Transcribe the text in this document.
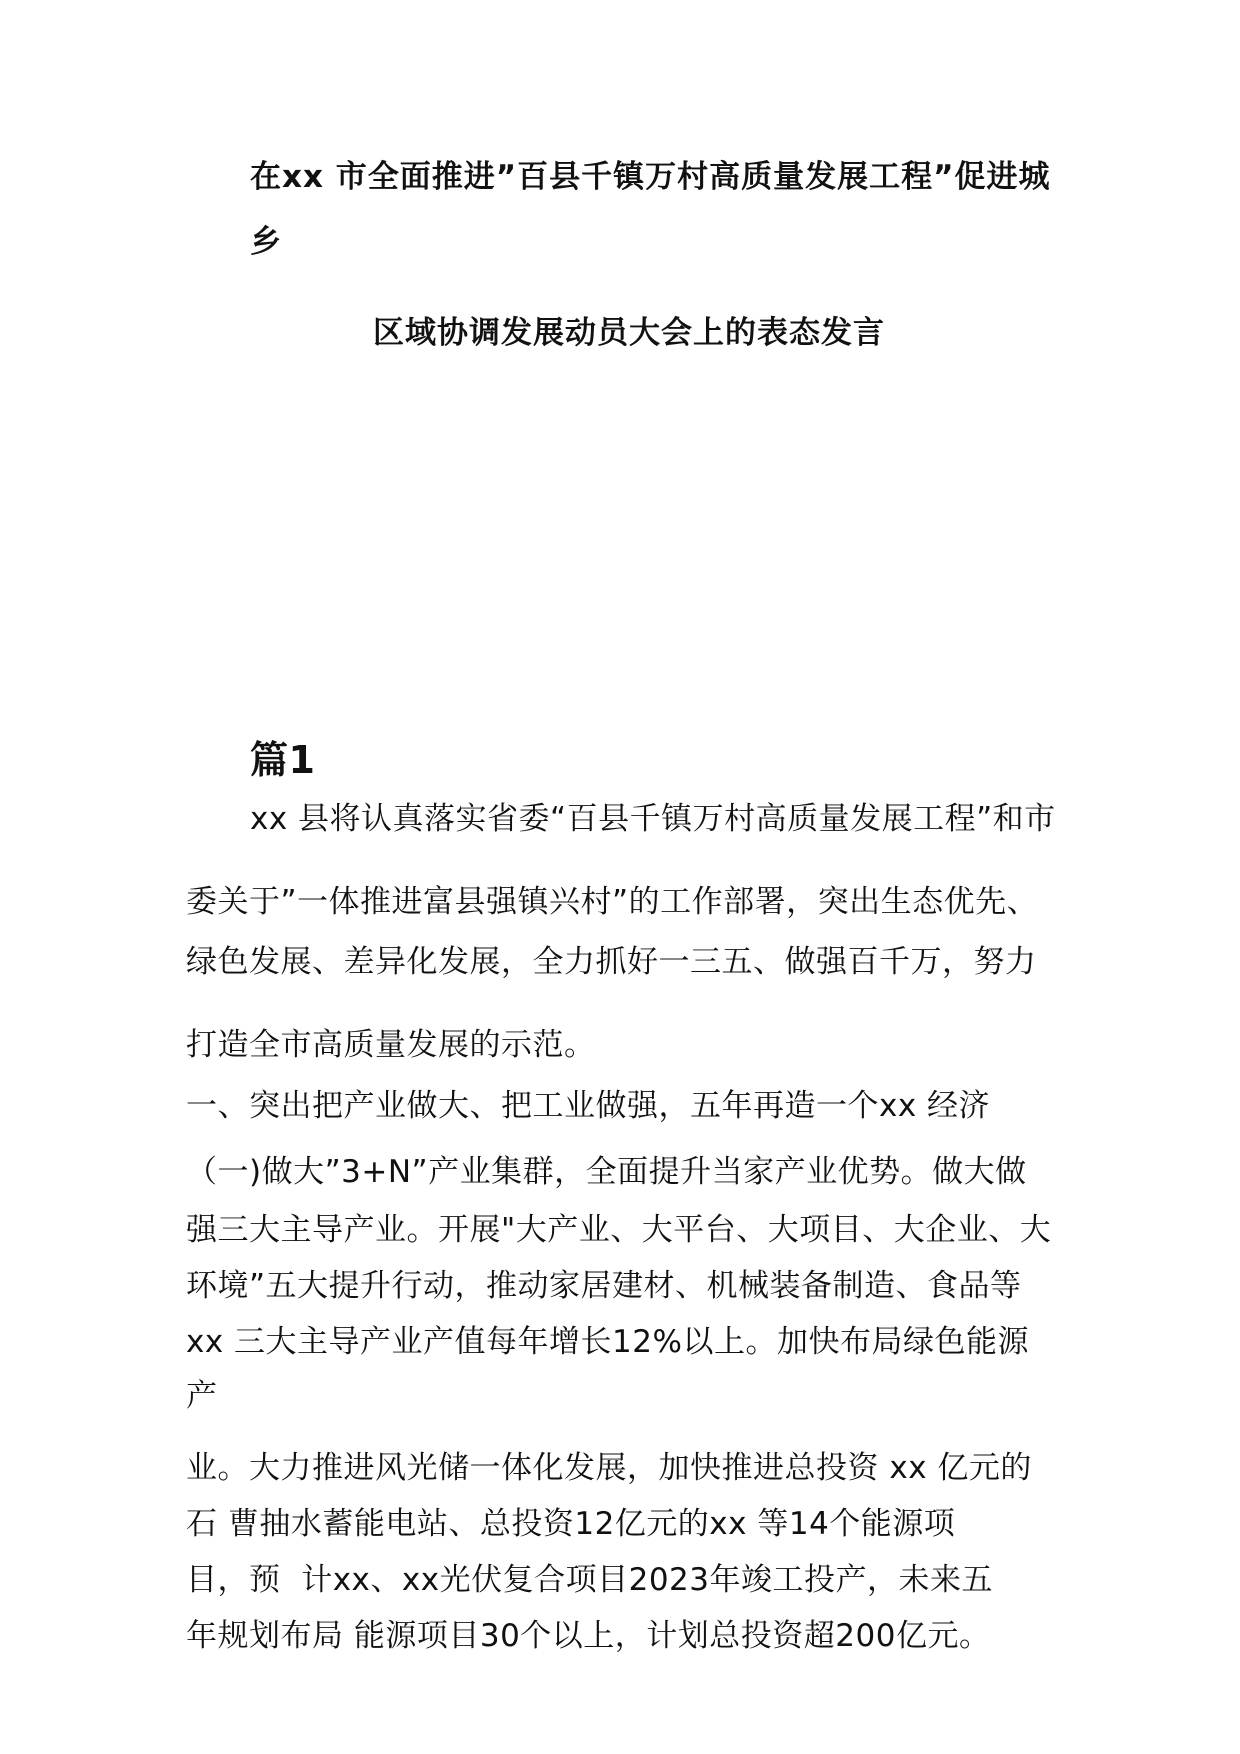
在xx 市全面推进”百县千镇万村高质量发展工程”促进城
乡
区域协调发展动员大会上的表态发言
篇1
xx 县将认真落实省委“百县千镇万村高质量发展工程”和市
委关于”一体推进富县强镇兴村”的工作部署，突出生态优先、
绿色发展、差异化发展，全力抓好一三五、做强百千万，努力
打造全市高质量发展的示范。
一、突出把产业做大、把工业做强，五年再造一个xx 经济
（一)做大”3+N”产业集群，全面提升当家产业优势。做大做
强三大主导产业。开展"大产业、大平台、大项目、大企业、大
环境”五大提升行动，推动家居建材、机械装备制造、食品等
xx 三大主导产业产值每年增长12%以上。加快布局绿色能源
产
业。大力推进风光储一体化发展，加快推进总投资 xx 亿元的
石 曹抽水蓄能电站、总投资12亿元的xx 等14个能源项
目，预  计xx、xx光伏复合项目2023年竣工投产，未来五
年规划布局 能源项目30个以上，计划总投资超200亿元。
